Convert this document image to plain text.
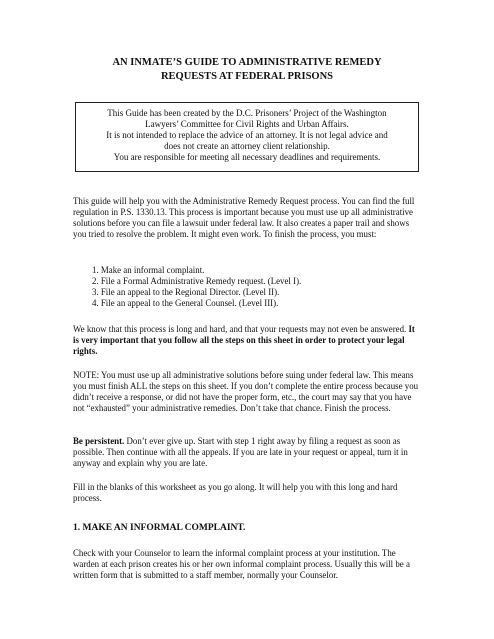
AN INMATE’S GUIDE TO ADMINISTRATIVE REMEDY
REQUESTS AT FEDERAL PRISONS
This Guide has been created by the D.C. Prisoners’ Project of the Washington
Lawyers’ Committee for Civil Rights and Urban Affairs.
It is not intended to replace the advice of an attorney. It is not legal advice and
does not create an attorney client relationship.
You are responsible for meeting all necessary deadlines and requirements.

This guide will help you with the Administrative Remedy Request process. You can find the full regulation in P.S. 1330.13. This process is important because you must use up all administrative solutions before you can file a lawsuit under federal law. It also creates a paper trail and shows you tried to resolve the problem. It might even work. To finish the process, you must:

1. Make an informal complaint.
2. File a Formal Administrative Remedy request. (Level I).
3. File an appeal to the Regional Director. (Level II).
4. File an appeal to the General Counsel. (Level III).

We know that this process is long and hard, and that your requests may not even be answered. It is very important that you follow all the steps on this sheet in order to protect your legal rights.

NOTE: You must use up all administrative solutions before suing under federal law. This means you must finish ALL the steps on this sheet. If you don’t complete the entire process because you didn’t receive a response, or did not have the proper form, etc., the court may say that you have not “exhausted” your administrative remedies. Don’t take that chance. Finish the process.

Be persistent. Don’t ever give up. Start with step 1 right away by filing a request as soon as possible. Then continue with all the appeals. If you are late in your request or appeal, turn it in anyway and explain why you are late.

Fill in the blanks of this worksheet as you go along. It will help you with this long and hard process.

1. MAKE AN INFORMAL COMPLAINT.

Check with your Counselor to learn the informal complaint process at your institution. The warden at each prison creates his or her own informal complaint process. Usually this will be a written form that is submitted to a staff member, normally your Counselor.
